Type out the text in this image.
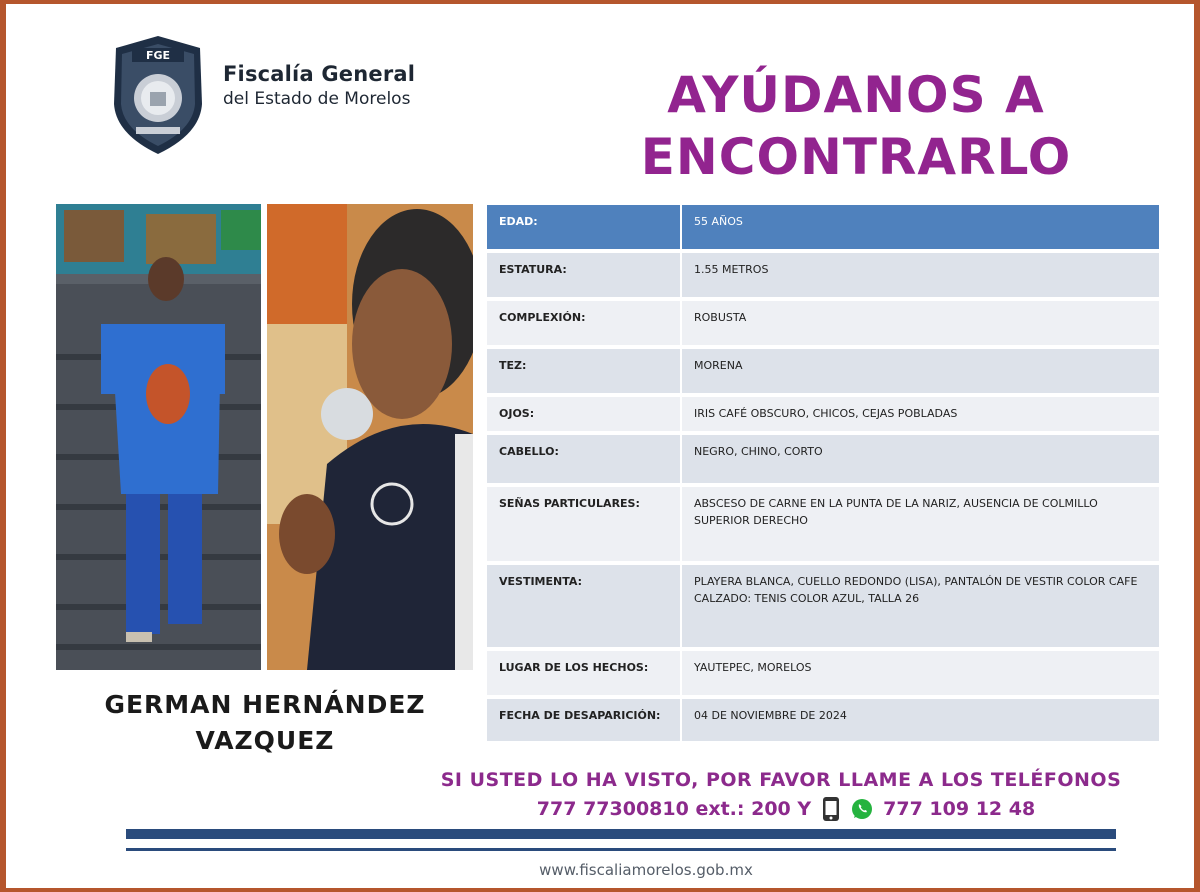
FGE
Fiscalía General
del Estado de Morelos	AYÚDANOS A
ENCONTRARLO
GERMAN HERNÁNDEZ
VAZQUEZ
EDAD:	55 AÑOS
ESTATURA:	1.55 METROS
COMPLEXIÓN:	ROBUSTA
TEZ:	MORENA
OJOS:	IRIS CAFÉ OBSCURO, CHICOS, CEJAS POBLADAS
CABELLO:	NEGRO, CHINO, CORTO
SEÑAS PARTICULARES:	ABSCESO DE CARNE EN LA PUNTA DE LA NARIZ, AUSENCIA DE COLMILLO SUPERIOR DERECHO
VESTIMENTA:	PLAYERA BLANCA, CUELLO REDONDO (LISA), PANTALÓN DE VESTIR COLOR CAFE CALZADO: TENIS COLOR AZUL, TALLA 26
LUGAR DE LOS HECHOS:	YAUTEPEC, MORELOS
FECHA DE DESAPARICIÓN:	04 DE NOVIEMBRE DE 2024
SI USTED LO HA VISTO, POR FAVOR LLAME A LOS TELÉFONOS
777 77300810 ext.: 200 Y	777 109 12 48
www.fiscaliamorelos.gob.mx
